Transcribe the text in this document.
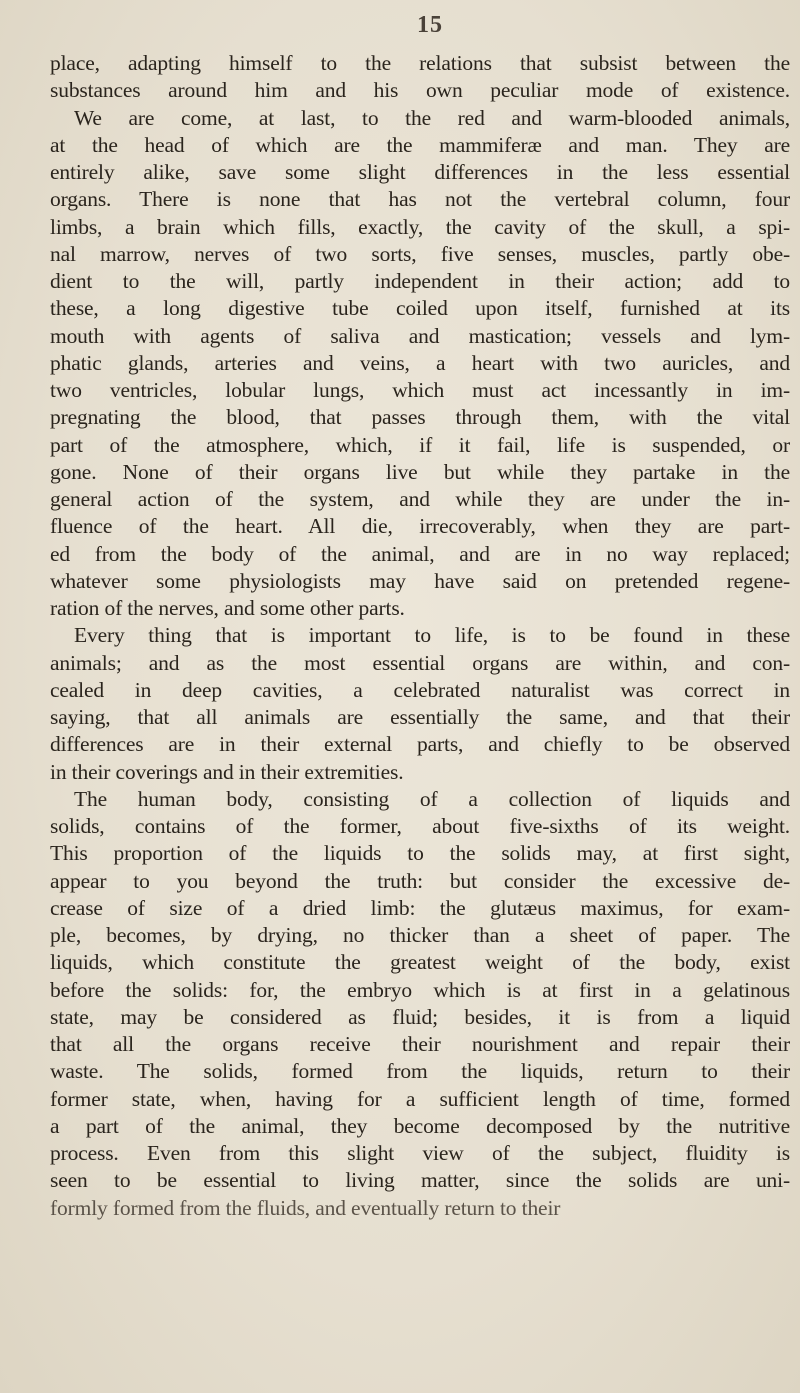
15
place, adapting himself to the relations that subsist between the
substances around him and his own peculiar mode of existence.
We are come, at last, to the red and warm-blooded animals,
at the head of which are the mammiferæ and man. They are
entirely alike, save some slight differences in the less essential
organs. There is none that has not the vertebral column, four
limbs, a brain which fills, exactly, the cavity of the skull, a spi-
nal marrow, nerves of two sorts, five senses, muscles, partly obe-
dient to the will, partly independent in their action; add to
these, a long digestive tube coiled upon itself, furnished at its
mouth with agents of saliva and mastication; vessels and lym-
phatic glands, arteries and veins, a heart with two auricles, and
two ventricles, lobular lungs, which must act incessantly in im-
pregnating the blood, that passes through them, with the vital
part of the atmosphere, which, if it fail, life is suspended, or
gone. None of their organs live but while they partake in the
general action of the system, and while they are under the in-
fluence of the heart. All die, irrecoverably, when they are part-
ed from the body of the animal, and are in no way replaced;
whatever some physiologists may have said on pretended regene-
ration of the nerves, and some other parts.
Every thing that is important to life, is to be found in these
animals; and as the most essential organs are within, and con-
cealed in deep cavities, a celebrated naturalist was correct in
saying, that all animals are essentially the same, and that their
differences are in their external parts, and chiefly to be observed
in their coverings and in their extremities.
The human body, consisting of a collection of liquids and
solids, contains of the former, about five-sixths of its weight.
This proportion of the liquids to the solids may, at first sight,
appear to you beyond the truth: but consider the excessive de-
crease of size of a dried limb: the glutæus maximus, for exam-
ple, becomes, by drying, no thicker than a sheet of paper. The
liquids, which constitute the greatest weight of the body, exist
before the solids: for, the embryo which is at first in a gelatinous
state, may be considered as fluid; besides, it is from a liquid
that all the organs receive their nourishment and repair their
waste. The solids, formed from the liquids, return to their
former state, when, having for a sufficient length of time, formed
a part of the animal, they become decomposed by the nutritive
process. Even from this slight view of the subject, fluidity is
seen to be essential to living matter, since the solids are uni-
formly formed from the fluids, and eventually return to their
